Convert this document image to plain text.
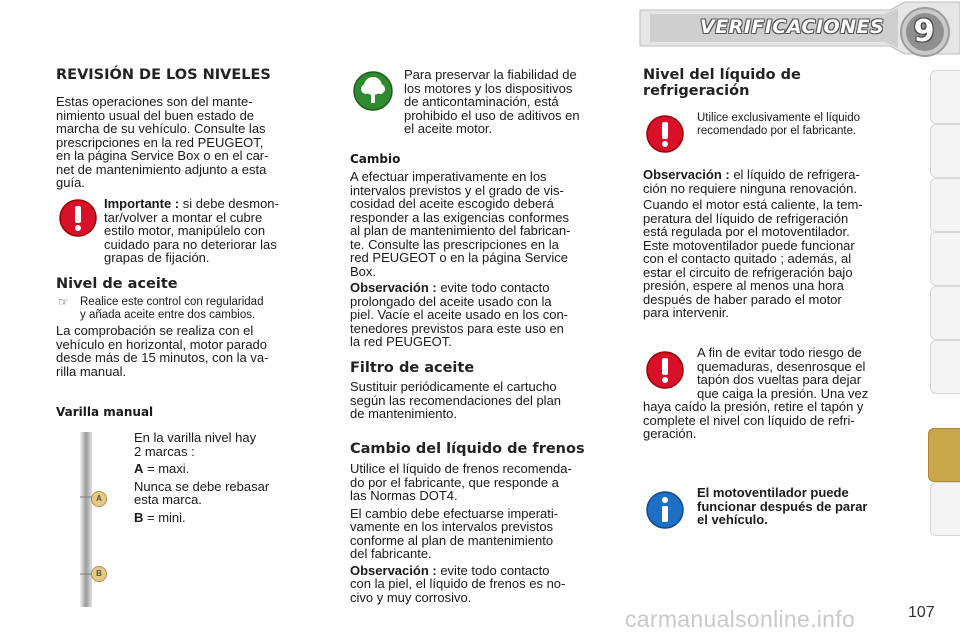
VERIFICACIONES 9
REVISIÓN DE LOS NIVELES

Estas operaciones son del mante-

nimiento usual del buen estado de

marcha de su vehículo. Consulte las

prescripciones en la red PEUGEOT,

en la página Service Box o en el car-

net de mantenimiento adjunto a esta

guía.

Importante : si debe desmon-

tar/volver a montar el cubre

estilo motor, manipúlelo con

cuidado para no deteriorar las

grapas de fijación.

Nivel de aceite
☞ Realice este control con regularidad

y añada aceite entre dos cambios.

La comprobación se realiza con el

vehículo en horizontal, motor parado

desde más de 15 minutos, con la va-

rilla manual.

Varilla manual
A
B

En la varilla nivel hay

2 marcas :

A = maxi.

Nunca se debe rebasar

esta marca.

B = mini.

Para preservar la fiabilidad de

los motores y los dispositivos

de anticontaminación, está

prohibido el uso de aditivos en

el aceite motor.

Cambio

A efectuar imperativamente en los

intervalos previstos y el grado de vis-

cosidad del aceite escogido deberá

responder a las exigencias conformes

al plan de mantenimiento del fabrican-

te. Consulte las prescripciones en la

red PEUGEOT o en la página Service

Box.

Observación : evite todo contacto

prolongado del aceite usado con la

piel. Vacíe el aceite usado en los con-

tenedores previstos para este uso en

la red PEUGEOT.

Filtro de aceite

Sustituir periódicamente el cartucho

según las recomendaciones del plan

de mantenimiento.

Cambio del líquido de frenos

Utilice el líquido de frenos recomenda-

do por el fabricante, que responde a

las Normas DOT4.

El cambio debe efectuarse imperati-

vamente en los intervalos previstos

conforme al plan de mantenimiento

del fabricante.

Observación : evite todo contacto

con la piel, el líquido de frenos es no-

civo y muy corrosivo.

Nivel del líquido de
refrigeración

Utilice exclusivamente el líquido

recomendado por el fabricante.

Observación : el líquido de refrigera-

ción no requiere ninguna renovación.

Cuando el motor está caliente, la tem-

peratura del líquido de refrigeración

está regulada por el motoventilador.

Este motoventilador puede funcionar

con el contacto quitado ; además, al

estar el circuito de refrigeración bajo

presión, espere al menos una hora

después de haber parado el motor

para intervenir.

A fin de evitar todo riesgo de

quemaduras, desenrosque el

tapón dos vueltas para dejar

que caiga la presión. Una vez

haya caído la presión, retire el tapón y

complete el nivel con líquido de refri-

geración.

El motoventilador puede

funcionar después de parar

el vehículo.

carmanualsonline.info	107
